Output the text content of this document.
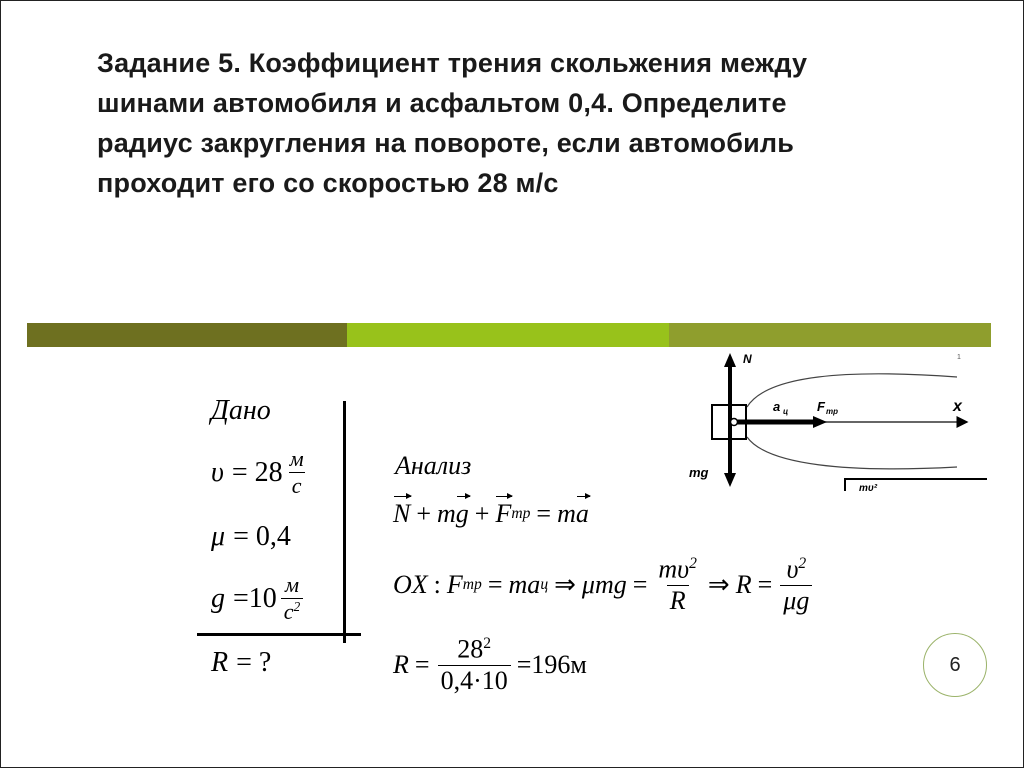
Задание 5. Коэффициент трения скольжения между
шинами автомобиля и асфальтом 0,4. Определите
радиус закругления на повороте, если автомобиль
проходит его со скоростью 28 м/с
Дано
$\upsilon = 28 \frac{м}{с}$
μ = 0,4
$g =10 \frac{м}{с^2}$
R = ?
Анализ
N + m g + F тр = m a
OX : F тр = ma ц ⇒ $\mu mg = \frac{m\upsilon^2}{R}$ ⇒ $R = \frac{\upsilon^2}{\mu g}$
$R = \frac{28^2}{0,4\cdot 10} =196м$
N
mg
a ц F тр	x
1
mυ²
6
